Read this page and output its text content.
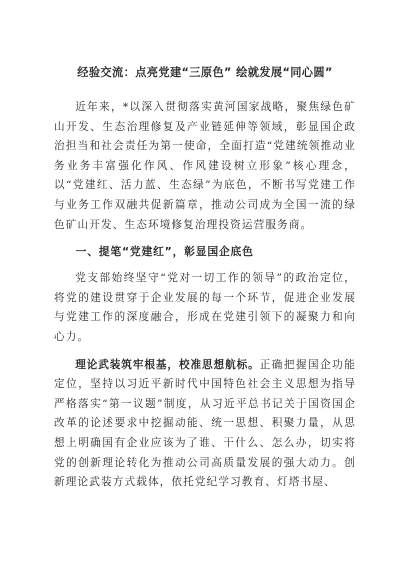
经验交流：点亮党建“三原色” 绘就发展“同心圆”

近年来，*以深入贯彻落实黄河国家战略，聚焦绿色矿山开发、生态治理修复及产业链延伸等领域，彰显国企政治担当和社会责任为第一使命，全面打造“党建统领推动业务业务丰富强化作风、作风建设树立形象”核心理念，以“党建红、活力蓝、生态绿”为底色，不断书写党建工作与业务工作双融共促新篇章，推动公司成为全国一流的绿色矿山开发、生态环境修复治理投资运营服务商。

一、提笔“党建红”，彰显国企底色

党支部始终坚守“党对一切工作的领导”的政治定位，将党的建设贯穿于企业发展的每一个环节，促进企业发展与党建工作的深度融合，形成在党建引领下的凝聚力和向心力。

理论武装筑牢根基，校准思想航标。正确把握国企功能定位，坚持以习近平新时代中国特色社会主义思想为指导严格落实“第一议题”制度，从习近平总书记关于国资国企改革的论述要求中挖掘动能、统一思想、积聚力量，从思想上明确国有企业应该为了谁、干什么、怎么办，切实将党的创新理论转化为推动公司高质量发展的强大动力。创新理论武装方式载体，依托党纪学习教育、灯塔书屋、
